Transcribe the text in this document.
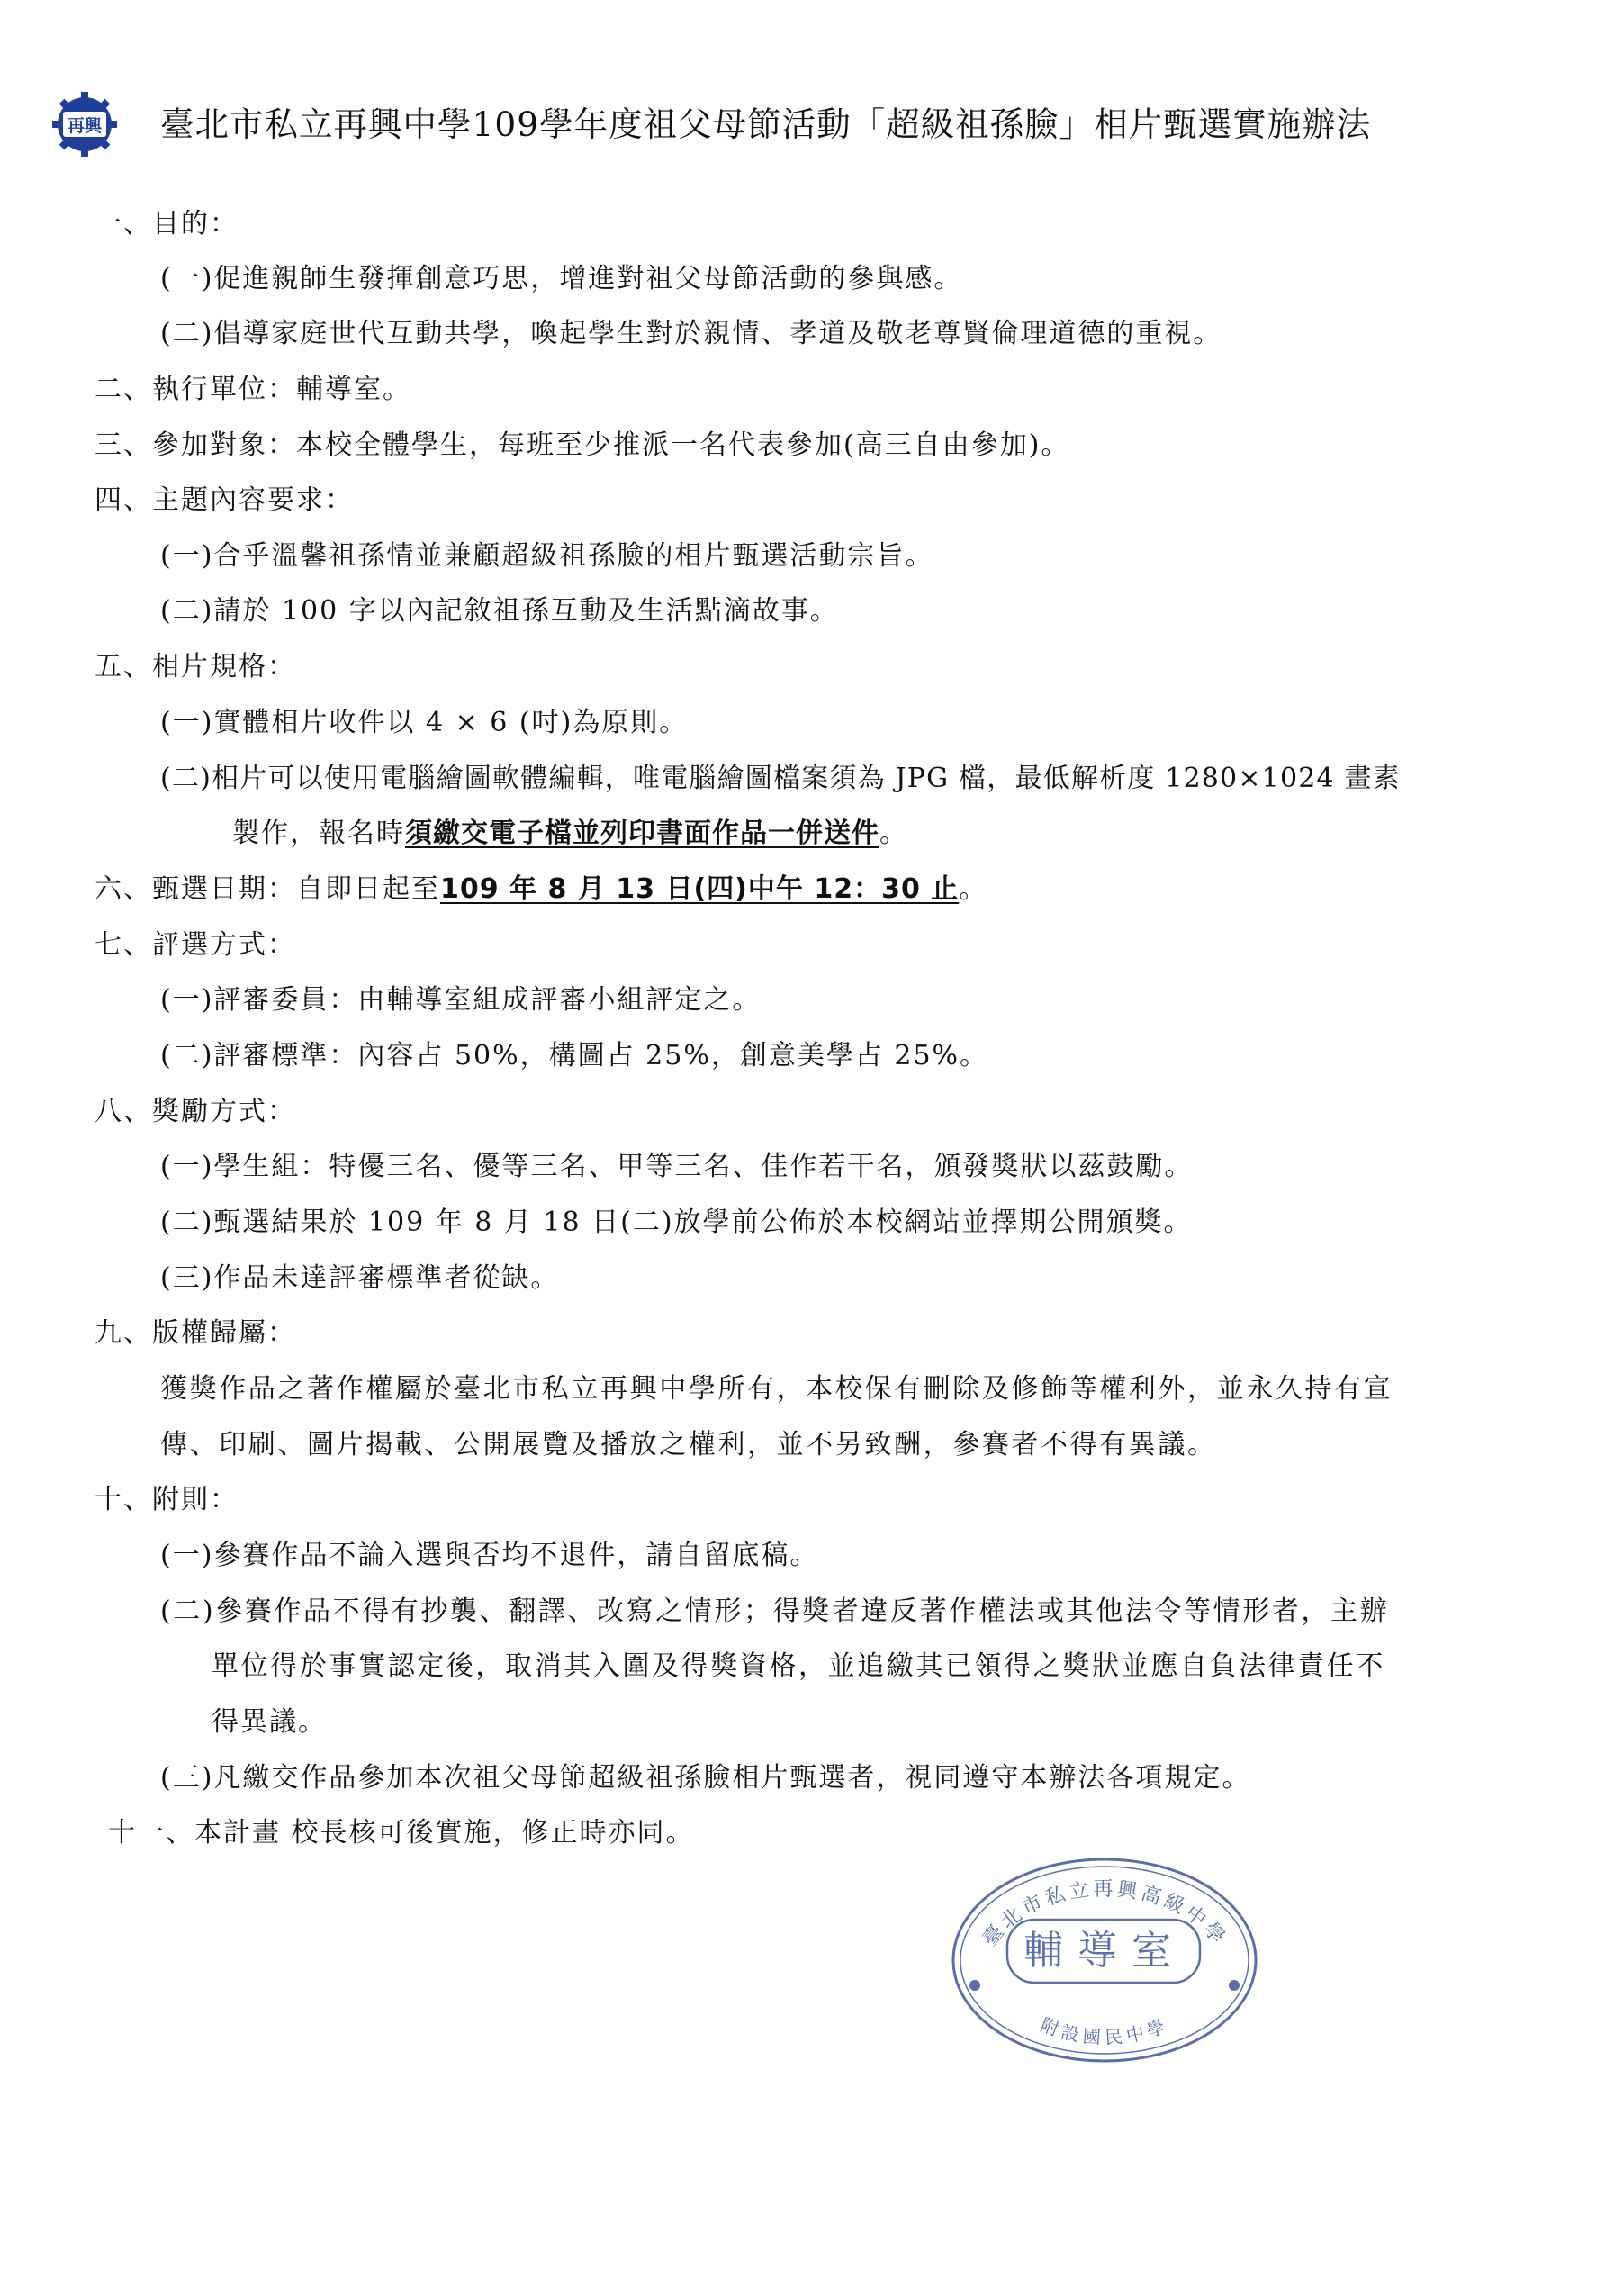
再興 臺北市私立再興中學109學年度祖父母節活動「超級祖孫臉」相片甄選實施辦法
一、目的：
(一)促進親師生發揮創意巧思，增進對祖父母節活動的參與感。
(二)倡導家庭世代互動共學，喚起學生對於親情、孝道及敬老尊賢倫理道德的重視。
二、執行單位：輔導室。
三、參加對象：本校全體學生，每班至少推派一名代表參加(高三自由參加)。
四、主題內容要求：
(一)合乎溫馨祖孫情並兼顧超級祖孫臉的相片甄選活動宗旨。
(二)請於 100 字以內記敘祖孫互動及生活點滴故事。
五、相片規格：
(一)實體相片收件以 4 × 6 (吋)為原則。
(二)相片可以使用電腦繪圖軟體編輯，唯電腦繪圖檔案須為 JPG 檔，最低解析度 1280×1024 畫素
製作，報名時須繳交電子檔並列印書面作品一併送件。
六、甄選日期：自即日起至109 年 8 月 13 日(四)中午 12：30 止。
七、評選方式：
(一)評審委員：由輔導室組成評審小組評定之。
(二)評審標準：內容占 50%，構圖占 25%，創意美學占 25%。
八、獎勵方式：
(一)學生組：特優三名、優等三名、甲等三名、佳作若干名，頒發獎狀以茲鼓勵。
(二)甄選結果於 109 年 8 月 18 日(二)放學前公佈於本校網站並擇期公開頒獎。
(三)作品未達評審標準者從缺。
九、版權歸屬：
獲獎作品之著作權屬於臺北市私立再興中學所有，本校保有刪除及修飾等權利外，並永久持有宣
傳、印刷、圖片揭載、公開展覽及播放之權利，並不另致酬，參賽者不得有異議。
十、附則：
(一)參賽作品不論入選與否均不退件，請自留底稿。
(二)參賽作品不得有抄襲、翻譯、改寫之情形；得獎者違反著作權法或其他法令等情形者，主辦
單位得於事實認定後，取消其入圍及得獎資格，並追繳其已領得之獎狀並應自負法律責任不
得異議。
(三)凡繳交作品參加本次祖父母節超級祖孫臉相片甄選者，視同遵守本辦法各項規定。
十一、本計畫 校長核可後實施，修正時亦同。
臺北市私立再興高級中學
附設國民中學
輔導室
